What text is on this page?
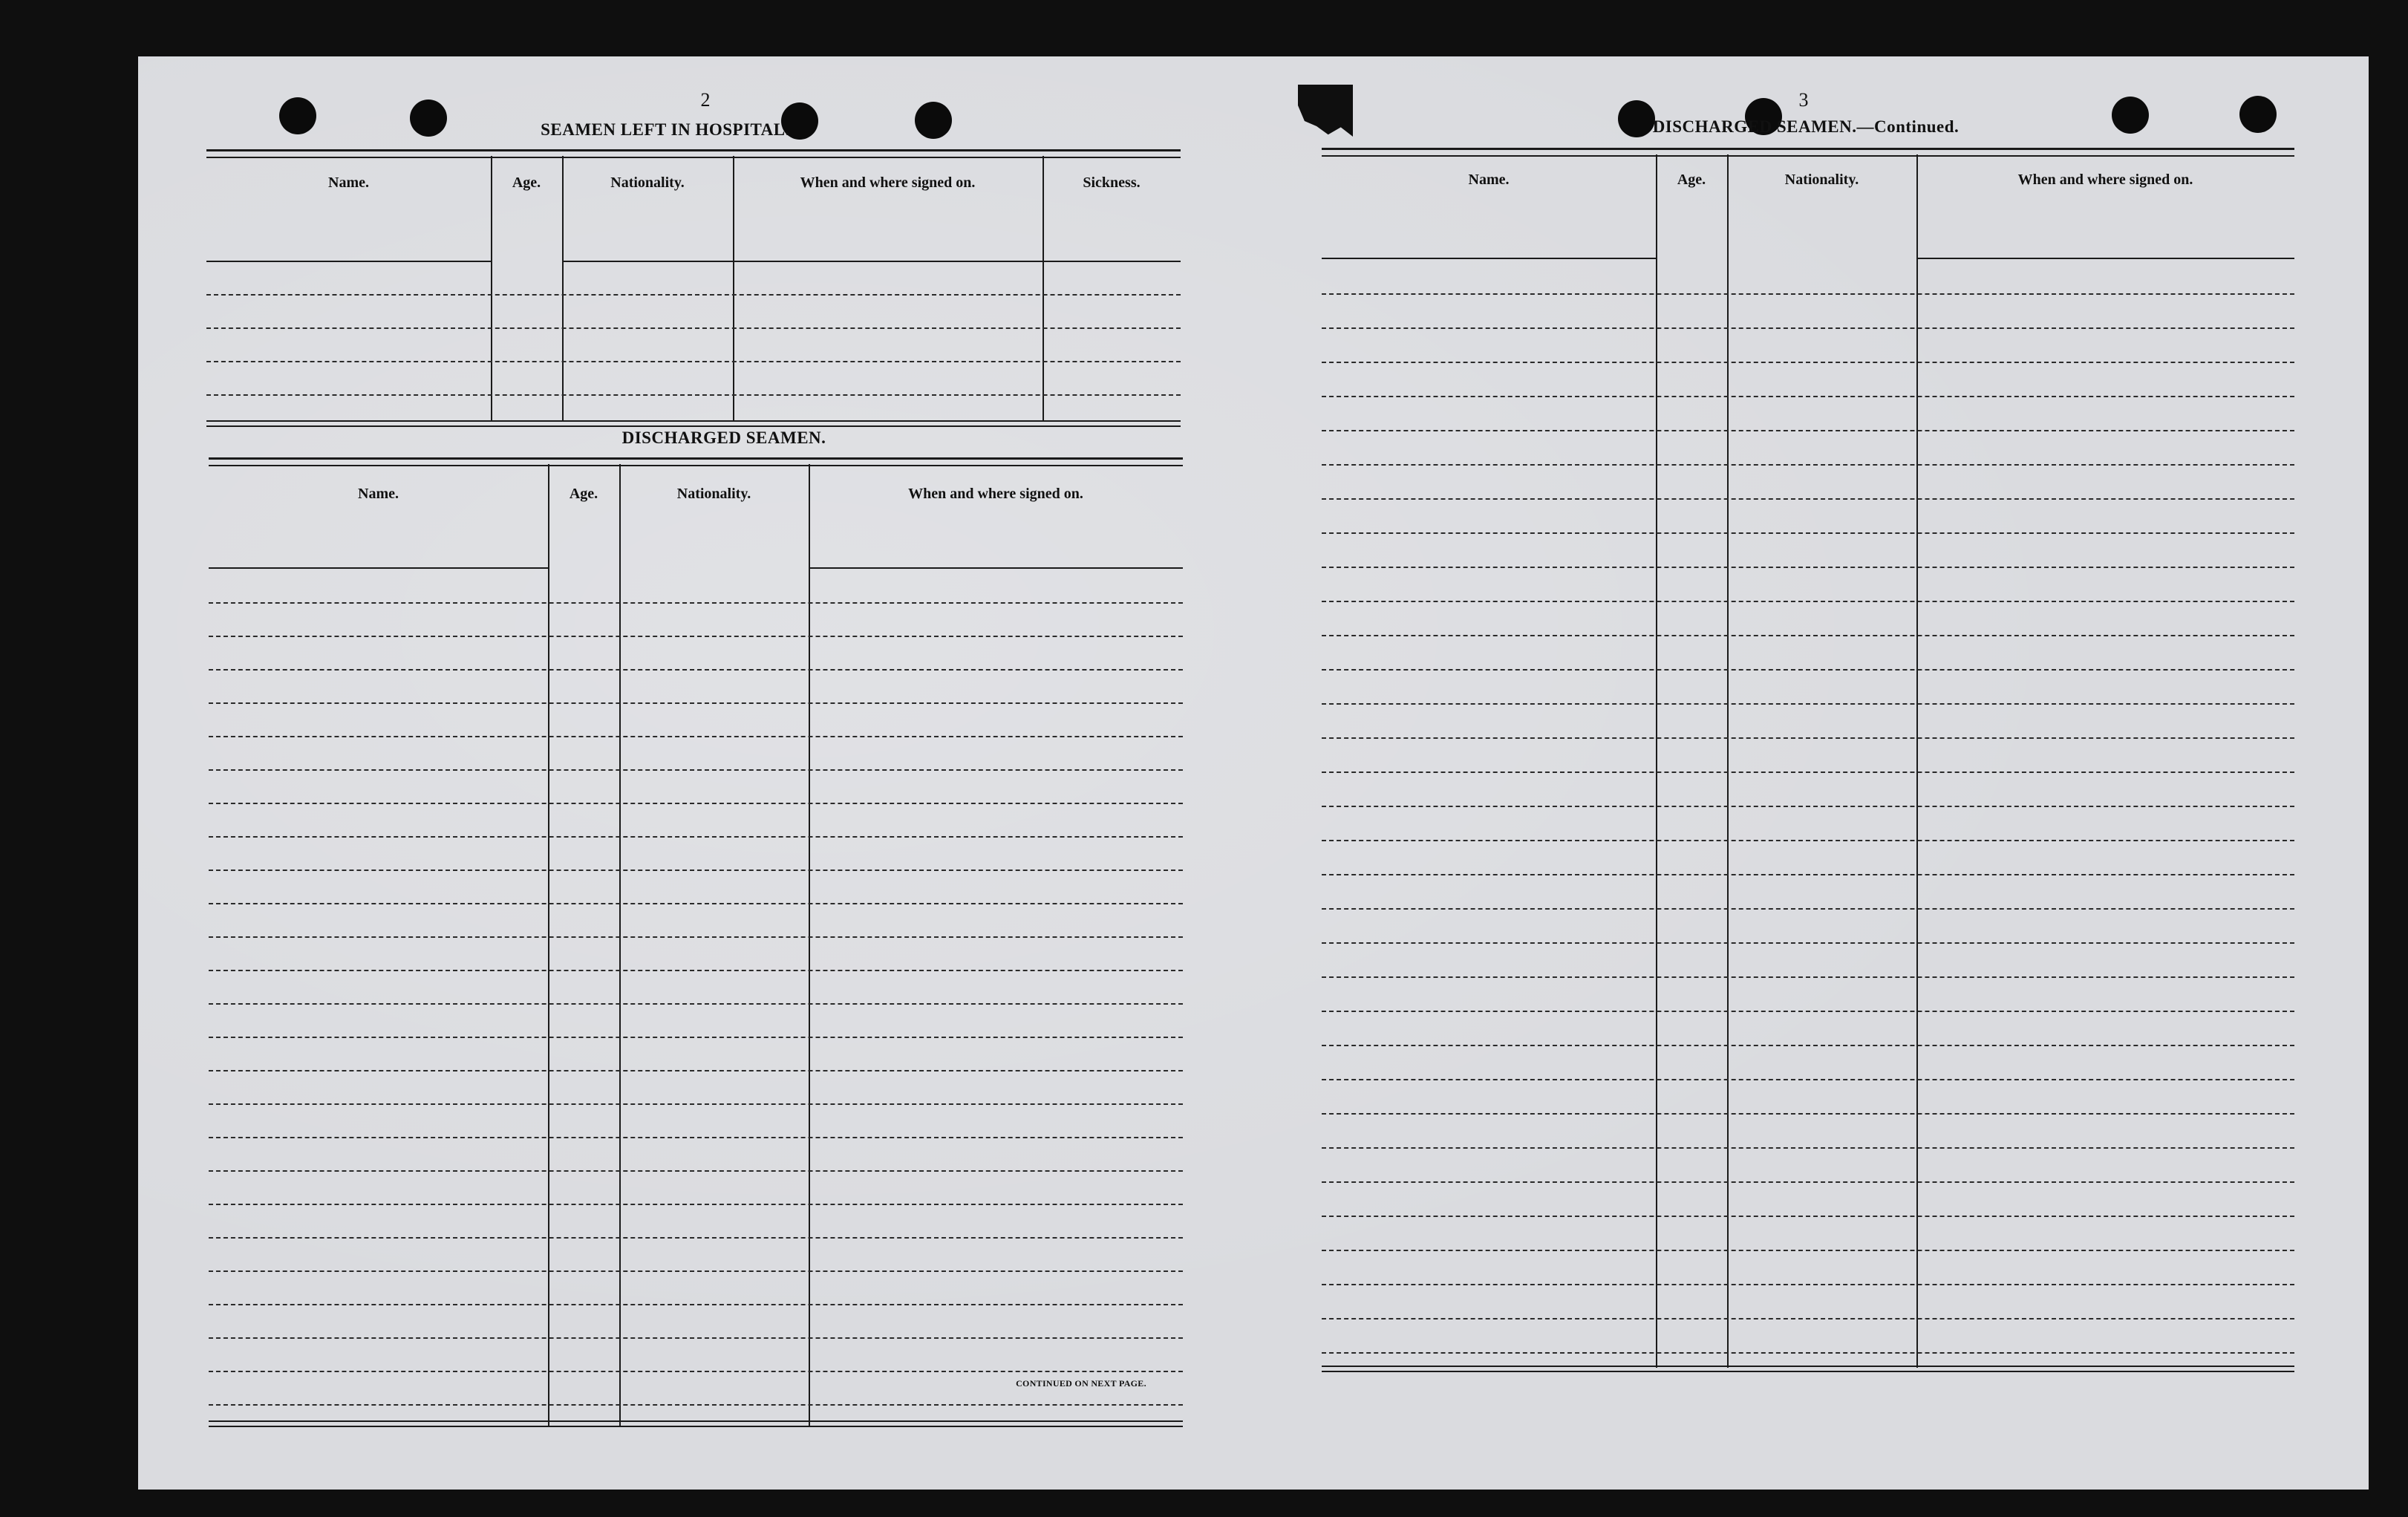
2

SEAMEN LEFT IN HOSPITAL.

Name.	Age.	Nationality.	When and where signed on.	Sickness.

DISCHARGED SEAMEN.

Name.	Age.	Nationality.	When and where signed on.

CONTINUED ON NEXT PAGE.

3

DISCHARGED SEAMEN.—Continued.

Name.	Age.	Nationality.	When and where signed on.
